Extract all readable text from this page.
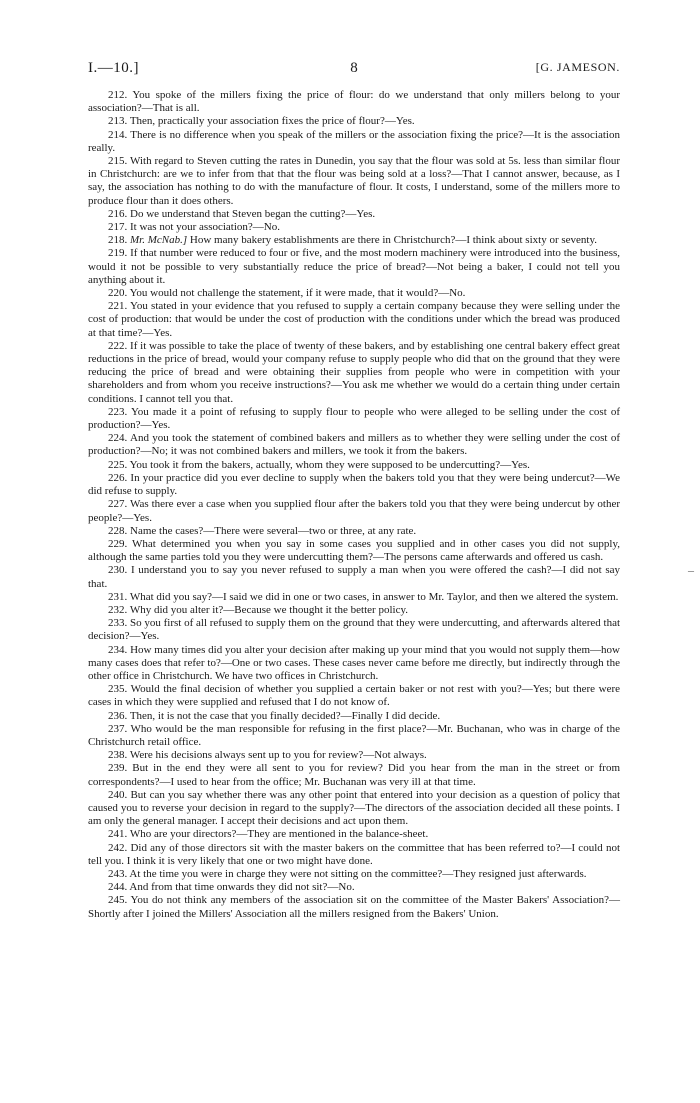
I.—10.]	8	[G. JAMESON.

212. You spoke of the millers fixing the price of flour: do we understand that only millers belong to your association?—That is all.

213. Then, practically your association fixes the price of flour?—Yes.

214. There is no difference when you speak of the millers or the association fixing the price?—It is the association really.

215. With regard to Steven cutting the rates in Dunedin, you say that the flour was sold at 5s. less than similar flour in Christchurch: are we to infer from that that the flour was being sold at a loss?—That I cannot answer, because, as I say, the association has nothing to do with the manufacture of flour. It costs, I understand, some of the millers more to produce flour than it does others.

216. Do we understand that Steven began the cutting?—Yes.

217. It was not your association?—No.

218. Mr. McNab.] How many bakery establishments are there in Christchurch?—I think about sixty or seventy.

219. If that number were reduced to four or five, and the most modern machinery were introduced into the business, would it not be possible to very substantially reduce the price of bread?—Not being a baker, I could not tell you anything about it.

220. You would not challenge the statement, if it were made, that it would?—No.

221. You stated in your evidence that you refused to supply a certain company because they were selling under the cost of production: that would be under the cost of production with the conditions under which the bread was produced at that time?—Yes.

222. If it was possible to take the place of twenty of these bakers, and by establishing one central bakery effect great reductions in the price of bread, would your company refuse to supply people who did that on the ground that they were reducing the price of bread and were obtaining their supplies from people who were in competition with your shareholders and from whom you receive instructions?—You ask me whether we would do a certain thing under certain conditions. I cannot tell you that.

223. You made it a point of refusing to supply flour to people who were alleged to be selling under the cost of production?—Yes.

224. And you took the statement of combined bakers and millers as to whether they were selling under the cost of production?—No; it was not combined bakers and millers, we took it from the bakers.

225. You took it from the bakers, actually, whom they were supposed to be undercutting?—Yes.

226. In your practice did you ever decline to supply when the bakers told you that they were being undercut?—We did refuse to supply.

227. Was there ever a case when you supplied flour after the bakers told you that they were being undercut by other people?—Yes.

228. Name the cases?—There were several—two or three, at any rate.

229. What determined you when you say in some cases you supplied and in other cases you did not supply, although the same parties told you they were undercutting them?—The persons came afterwards and offered us cash.

230. I understand you to say you never refused to supply a man when you were offered the cash?—I did not say that.

231. What did you say?—I said we did in one or two cases, in answer to Mr. Taylor, and then we altered the system.

232. Why did you alter it?—Because we thought it the better policy.

233. So you first of all refused to supply them on the ground that they were undercutting, and afterwards altered that decision?—Yes.

234. How many times did you alter your decision after making up your mind that you would not supply them—how many cases does that refer to?—One or two cases. These cases never came before me directly, but indirectly through the other office in Christchurch. We have two offices in Christchurch.

235. Would the final decision of whether you supplied a certain baker or not rest with you?—Yes; but there were cases in which they were supplied and refused that I do not know of.

236. Then, it is not the case that you finally decided?—Finally I did decide.

237. Who would be the man responsible for refusing in the first place?—Mr. Buchanan, who was in charge of the Christchurch retail office.

238. Were his decisions always sent up to you for review?—Not always.

239. But in the end they were all sent to you for review? Did you hear from the man in the street or from correspondents?—I used to hear from the office; Mr. Buchanan was very ill at that time.

240. But can you say whether there was any other point that entered into your decision as a question of policy that caused you to reverse your decision in regard to the supply?—The directors of the association decided all these points. I am only the general manager. I accept their decisions and act upon them.

241. Who are your directors?—They are mentioned in the balance-sheet.

242. Did any of those directors sit with the master bakers on the committee that has been referred to?—I could not tell you. I think it is very likely that one or two might have done.

243. At the time you were in charge they were not sitting on the committee?—They resigned just afterwards.

244. And from that time onwards they did not sit?—No.

245. You do not think any members of the association sit on the committee of the Master Bakers' Association?—Shortly after I joined the Millers' Association all the millers resigned from the Bakers' Union.

–
